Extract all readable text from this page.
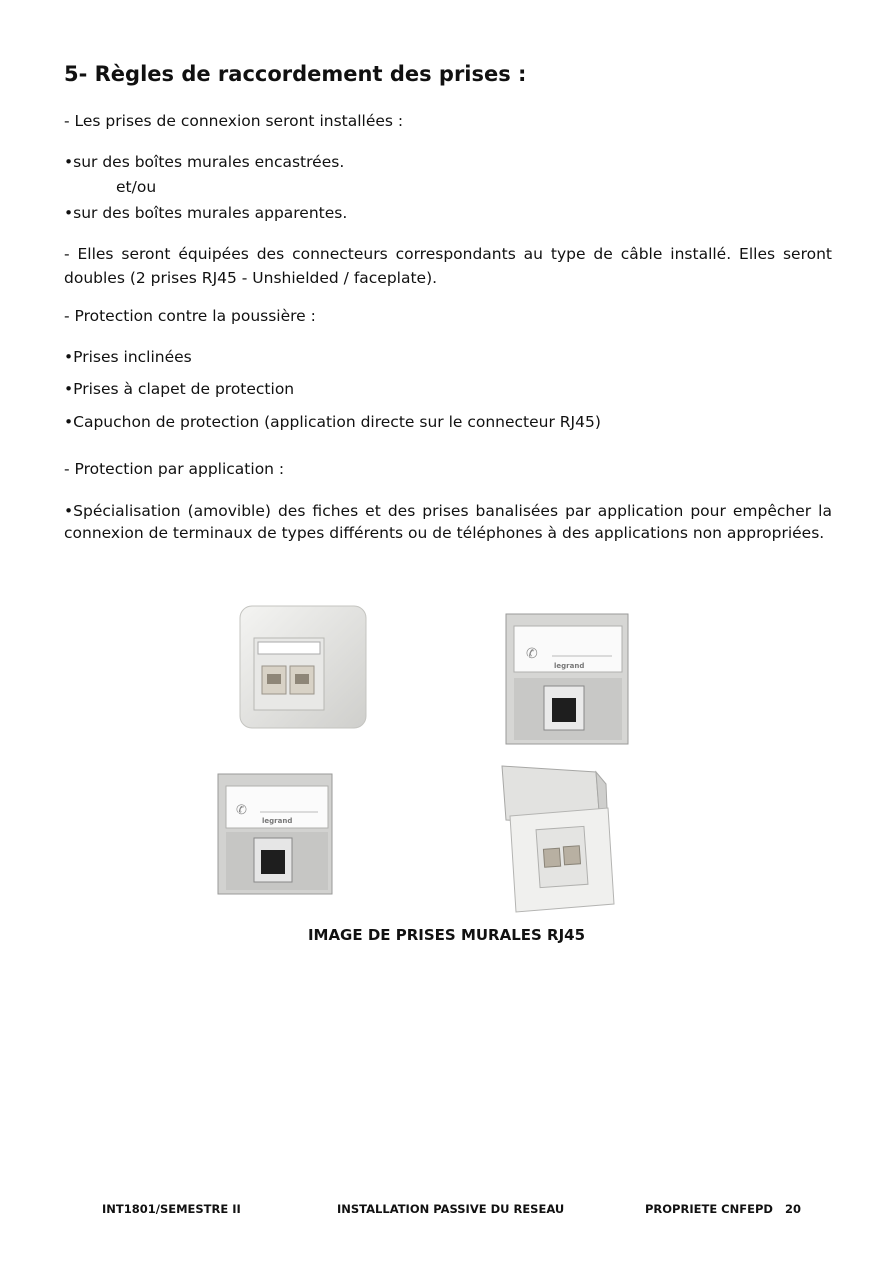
5- Règles de raccordement des prises :
- Les prises de connexion seront installées :
•sur des boîtes murales encastrées.
et/ou
•sur des boîtes murales apparentes.
- Elles seront équipées des connecteurs correspondants au type de câble installé. Elles seront doubles (2 prises RJ45 - Unshielded / faceplate).
- Protection contre la poussière :
•Prises inclinées
•Prises à clapet de protection
•Capuchon de protection (application directe sur le connecteur RJ45)
- Protection par application :
•Spécialisation (amovible) des fiches et des prises banalisées par application pour empêcher la connexion de terminaux de types différents ou de téléphones à des applications non appropriées.
✆
legrand
✆
legrand
IMAGE DE PRISES MURALES RJ45
INT1801/SEMESTRE II	INSTALLATION PASSIVE DU RESEAU	PROPRIETE CNFEPD 20
